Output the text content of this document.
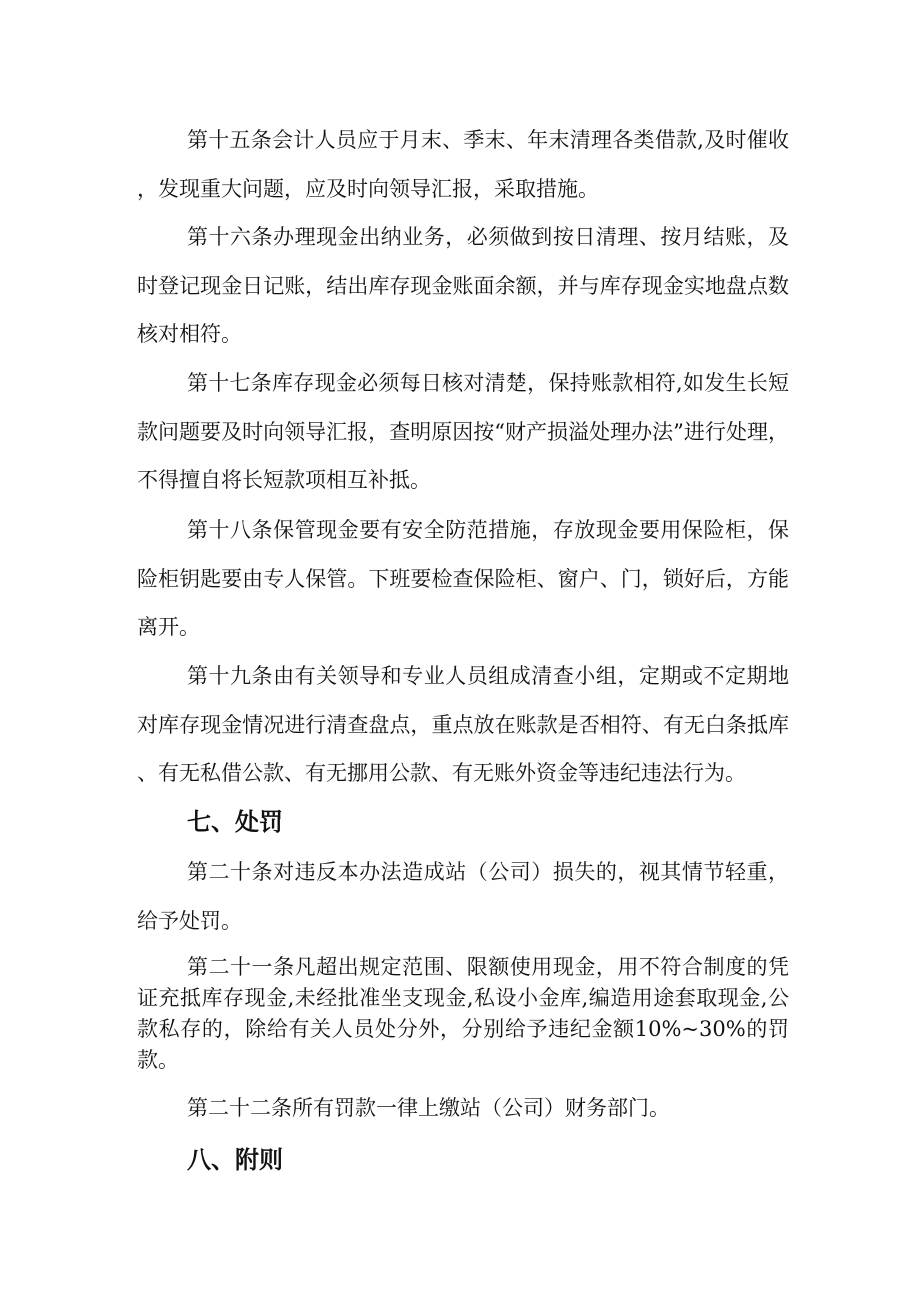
第十五条会计人员应于月末、季末、年末清理各类借款,及时催收，发现重大问题，应及时向领导汇报，采取措施。

第十六条办理现金出纳业务，必须做到按日清理、按月结账，及时登记现金日记账，结出库存现金账面余额，并与库存现金实地盘点数核对相符。

第十七条库存现金必须每日核对清楚，保持账款相符,如发生长短款问题要及时向领导汇报，查明原因按“财产损溢处理办法”进行处理，不得擅自将长短款项相互补抵。

第十八条保管现金要有安全防范措施，存放现金要用保险柜，保险柜钥匙要由专人保管。下班要检查保险柜、窗户、门，锁好后，方能离开。

第十九条由有关领导和专业人员组成清查小组，定期或不定期地对库存现金情况进行清查盘点，重点放在账款是否相符、有无白条抵库、有无私借公款、有无挪用公款、有无账外资金等违纪违法行为。

七、处罚

第二十条对违反本办法造成站（公司）损失的，视其情节轻重，给予处罚。

第二十一条凡超出规定范围、限额使用现金，用不符合制度的凭证充抵库存现金,未经批准坐支现金,私设小金库,编造用途套取现金,公款私存的，除给有关人员处分外，分别给予违纪金额10%~30%的罚款。

第二十二条所有罚款一律上缴站（公司）财务部门。

八、附则
